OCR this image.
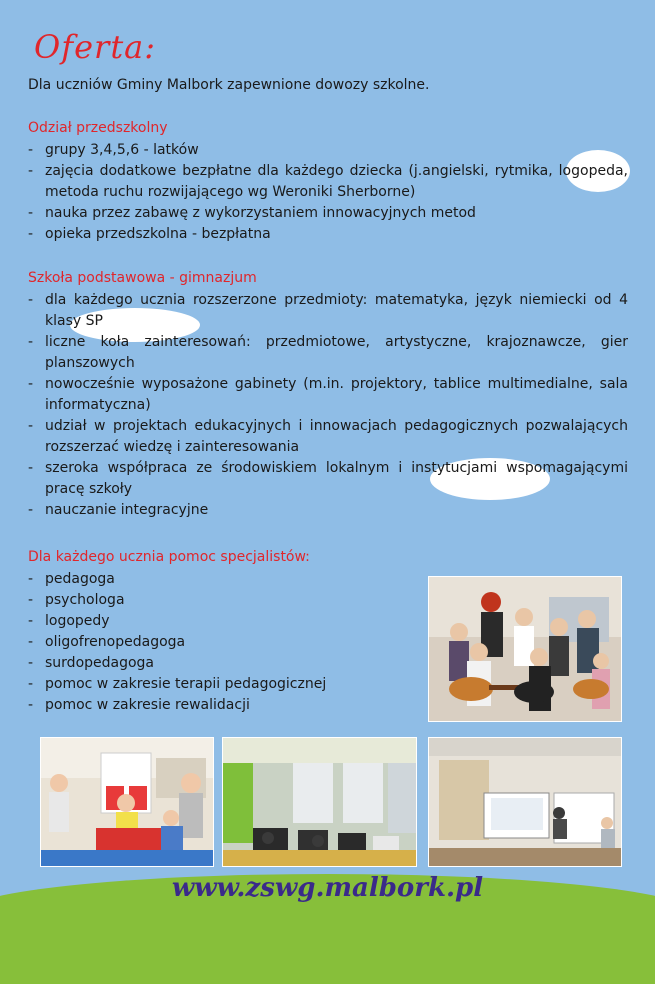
Oferta:
Dla uczniów Gminy Malbork zapewnione dowozy szkolne.
Odział przedszkolny
- grupy 3,4,5,6 - latków
- zajęcia dodatkowe bezpłatne dla każdego dziecka (j.angielski, rytmika, logopeda, metoda ruchu rozwijającego wg Weroniki Sherborne)
- nauka przez zabawę z wykorzystaniem innowacyjnych metod
- opieka przedszkolna - bezpłatna
Szkoła podstawowa - gimnazjum
- dla każdego ucznia rozszerzone przedmioty: matematyka, język niemiecki od 4 klasy SP
- liczne koła zainteresowań: przedmiotowe, artystyczne, krajoznawcze, gier planszowych
- nowocześnie wyposażone gabinety (m.in. projektory, tablice multimedialne, sala informatyczna)
- udział w projektach edukacyjnych i innowacjach pedagogicznych pozwalających rozszerzać wiedzę i zainteresowania
- szeroka współpraca ze środowiskiem lokalnym i instytucjami wspomagającymi pracę szkoły
- nauczanie integracyjne
Dla każdego ucznia pomoc specjalistów:
- pedagoga
- psychologa
- logopedy
- oligofrenopedagoga
- surdopedagoga
- pomoc w zakresie terapii pedagogicznej
- pomoc w zakresie rewalidacji
www.zswg.malbork.pl
